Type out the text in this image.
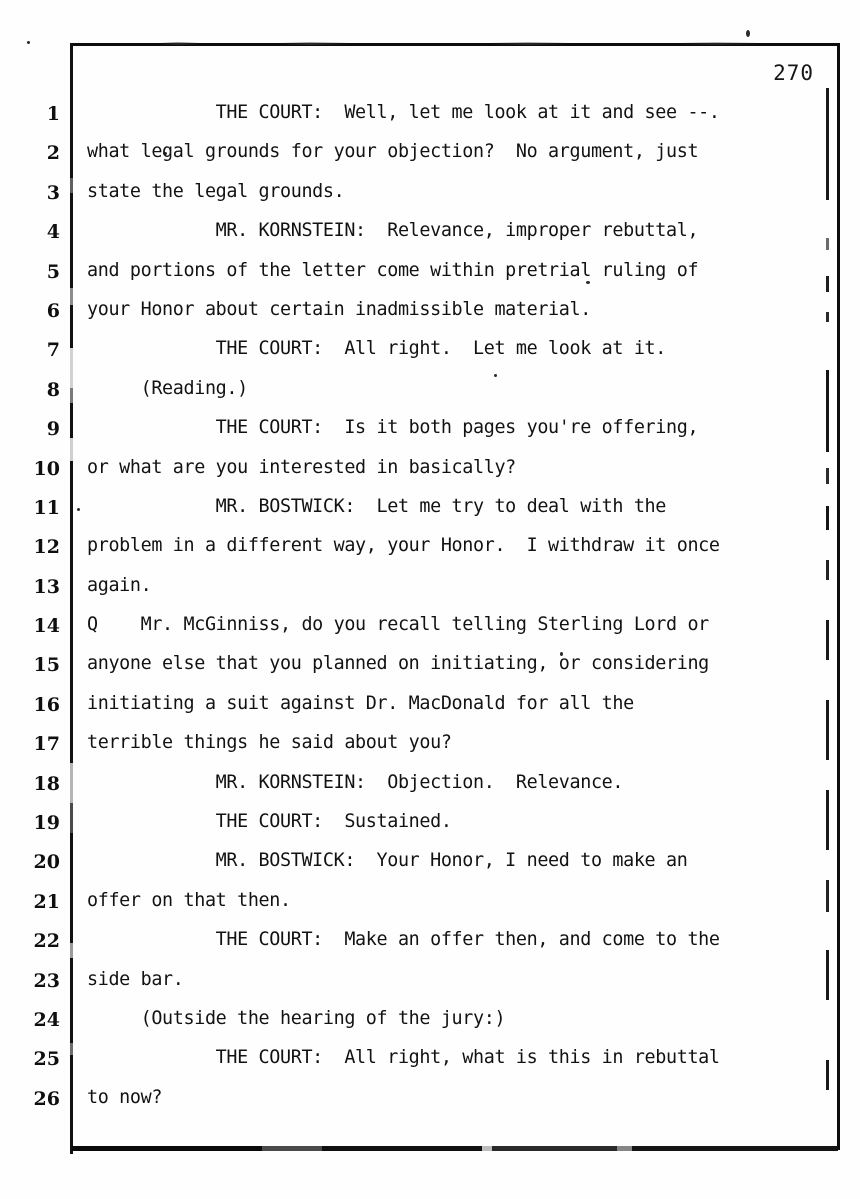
270
1 THE COURT:  Well, let me look at it and see --.
2 what legal grounds for your objection?  No argument, just
3 state the legal grounds.
4 MR. KORNSTEIN:  Relevance, improper rebuttal,
5 and portions of the letter come within pretrial ruling of
6 your Honor about certain inadmissible material.
7 THE COURT:  All right.  Let me look at it.
8 (Reading.)
9 THE COURT:  Is it both pages you're offering,
10 or what are you interested in basically?
11 MR. BOSTWICK:  Let me try to deal with the
12 problem in a different way, your Honor.  I withdraw it once
13 again.
14 Q    Mr. McGinniss, do you recall telling Sterling Lord or
15 anyone else that you planned on initiating, or considering
16 initiating a suit against Dr. MacDonald for all the
17 terrible things he said about you?
18 MR. KORNSTEIN:  Objection.  Relevance.
19 THE COURT:  Sustained.
20 MR. BOSTWICK:  Your Honor, I need to make an
21 offer on that then.
22 THE COURT:  Make an offer then, and come to the
23 side bar.
24 (Outside the hearing of the jury:)
25 THE COURT:  All right, what is this in rebuttal
26 to now?
